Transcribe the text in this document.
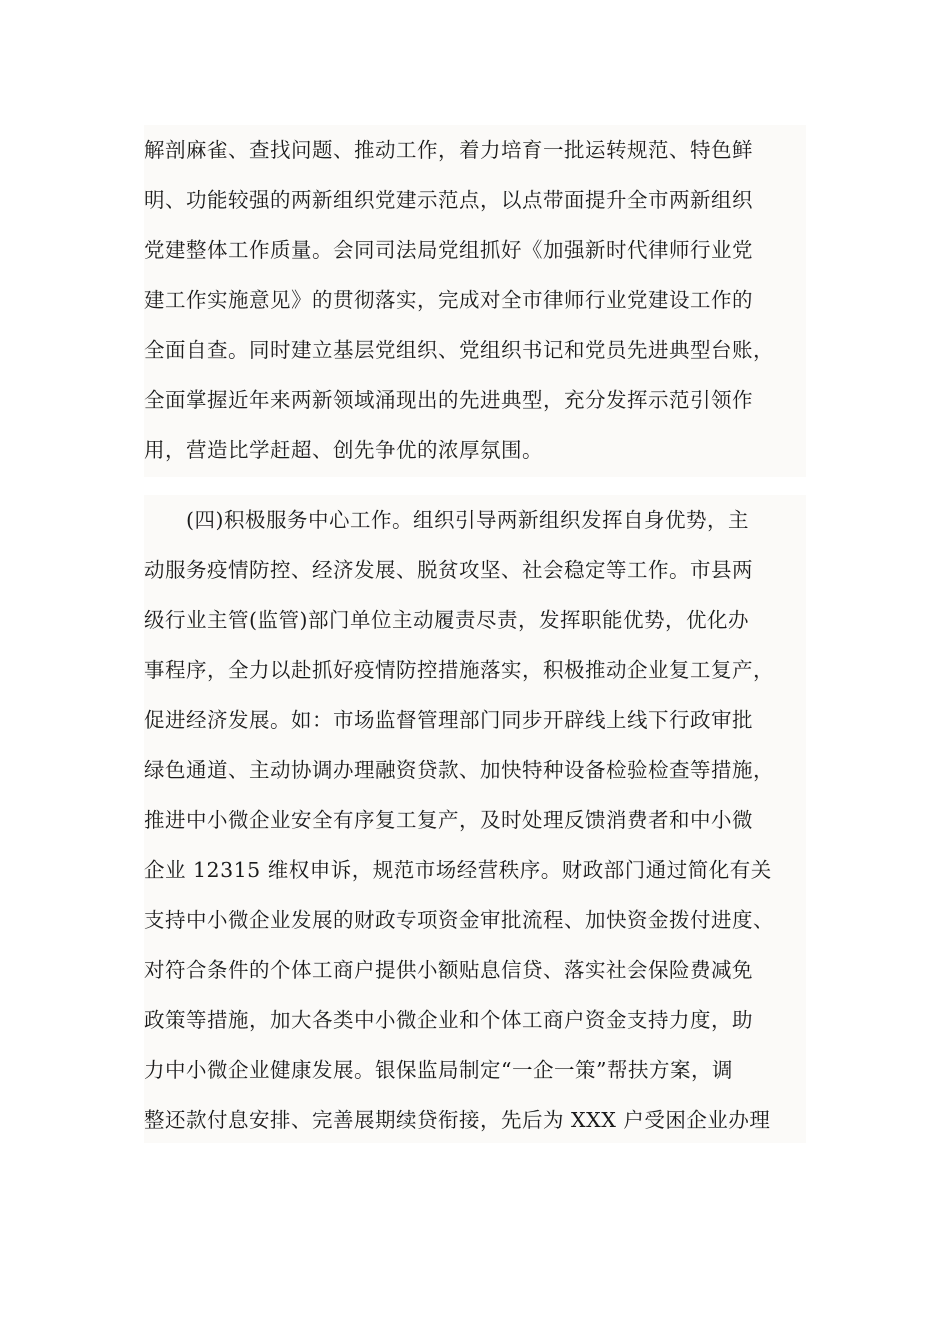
解剖麻雀、查找问题、推动工作，着力培育一批运转规范、特色鲜
明、功能较强的两新组织党建示范点，以点带面提升全市两新组织
党建整体工作质量。会同司法局党组抓好《加强新时代律师行业党
建工作实施意见》的贯彻落实，完成对全市律师行业党建设工作的
全面自查。同时建立基层党组织、党组织书记和党员先进典型台账，
全面掌握近年来两新领域涌现出的先进典型，充分发挥示范引领作
用，营造比学赶超、创先争优的浓厚氛围。
(四)积极服务中心工作。组织引导两新组织发挥自身优势，主
动服务疫情防控、经济发展、脱贫攻坚、社会稳定等工作。市县两
级行业主管(监管)部门单位主动履责尽责，发挥职能优势，优化办
事程序，全力以赴抓好疫情防控措施落实，积极推动企业复工复产，
促进经济发展。如：市场监督管理部门同步开辟线上线下行政审批
绿色通道、主动协调办理融资贷款、加快特种设备检验检查等措施，
推进中小微企业安全有序复工复产，及时处理反馈消费者和中小微
企业 12315 维权申诉，规范市场经营秩序。财政部门通过简化有关
支持中小微企业发展的财政专项资金审批流程、加快资金拨付进度、
对符合条件的个体工商户提供小额贴息信贷、落实社会保险费减免
政策等措施，加大各类中小微企业和个体工商户资金支持力度，助
力中小微企业健康发展。银保监局制定“一企一策”帮扶方案，调
整还款付息安排、完善展期续贷衔接，先后为 XXX 户受困企业办理
